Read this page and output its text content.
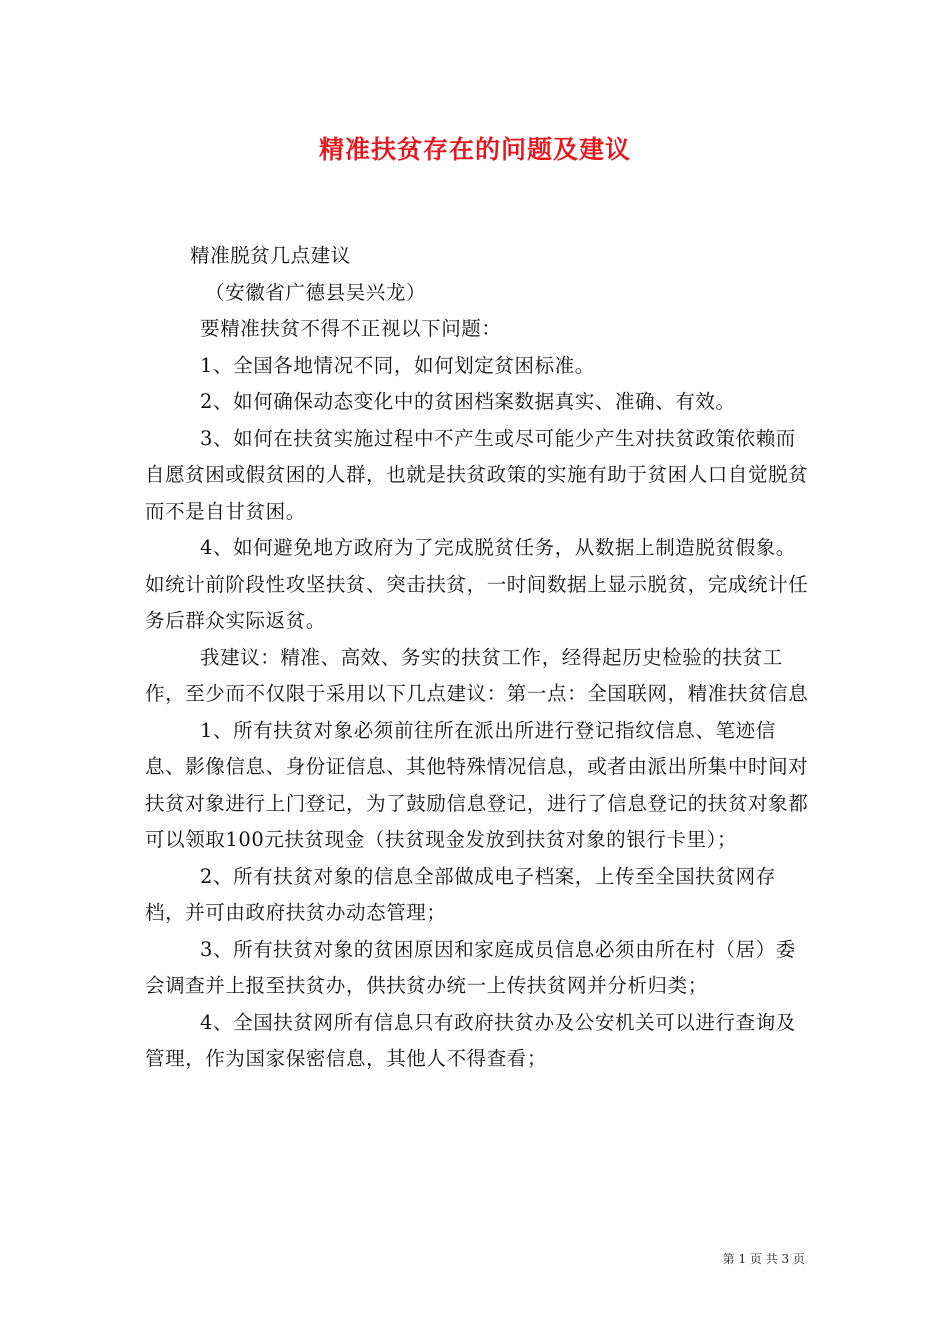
精准扶贫存在的问题及建议

精准脱贫几点建议

（安徽省广德县吴兴龙）

要精准扶贫不得不正视以下问题：

1、全国各地情况不同，如何划定贫困标准。

2、如何确保动态变化中的贫困档案数据真实、准确、有效。

3、如何在扶贫实施过程中不产生或尽可能少产生对扶贫政策依赖而自愿贫困或假贫困的人群，也就是扶贫政策的实施有助于贫困人口自觉脱贫而不是自甘贫困。

4、如何避免地方政府为了完成脱贫任务，从数据上制造脱贫假象。如统计前阶段性攻坚扶贫、突击扶贫，一时间数据上显示脱贫，完成统计任务后群众实际返贫。

我建议：精准、高效、务实的扶贫工作，经得起历史检验的扶贫工作，至少而不仅限于采用以下几点建议：第一点：全国联网，精准扶贫信息

1、所有扶贫对象必须前往所在派出所进行登记指纹信息、笔迹信息、影像信息、身份证信息、其他特殊情况信息，或者由派出所集中时间对扶贫对象进行上门登记，为了鼓励信息登记，进行了信息登记的扶贫对象都可以领取100元扶贫现金（扶贫现金发放到扶贫对象的银行卡里）；

2、所有扶贫对象的信息全部做成电子档案，上传至全国扶贫网存档，并可由政府扶贫办动态管理；

3、所有扶贫对象的贫困原因和家庭成员信息必须由所在村（居）委会调查并上报至扶贫办，供扶贫办统一上传扶贫网并分析归类；

4、全国扶贫网所有信息只有政府扶贫办及公安机关可以进行查询及管理，作为国家保密信息，其他人不得查看；

第 1 页 共 3 页
